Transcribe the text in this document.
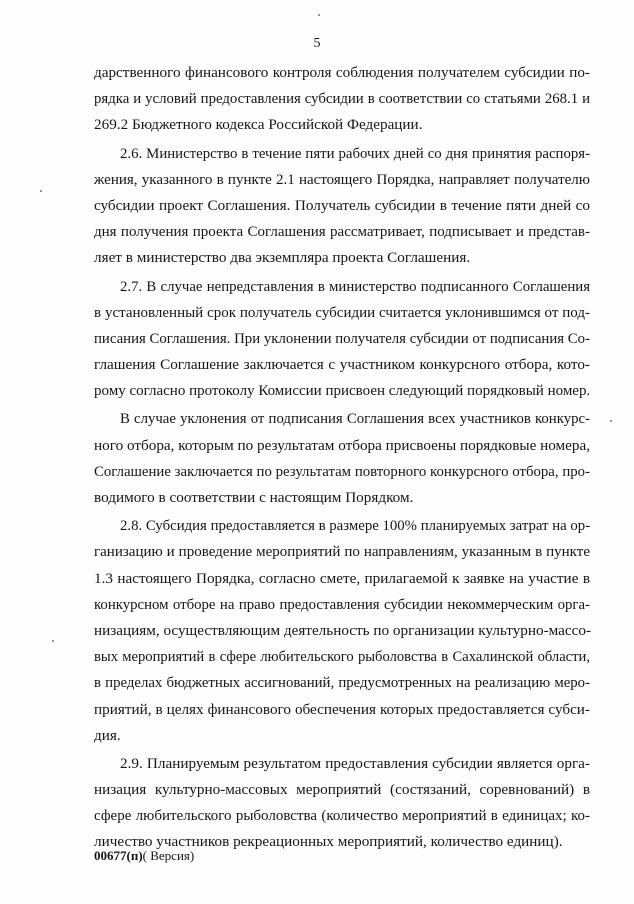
5
дарственного финансового контроля соблюдения получателем субсидии по-
рядка и условий предоставления субсидии в соответствии со статьями 268.1 и
269.2 Бюджетного кодекса Российской Федерации.
2.6. Министерство в течение пяти рабочих дней со дня принятия распоря-
жения, указанного в пункте 2.1 настоящего Порядка, направляет получателю
субсидии проект Соглашения. Получатель субсидии в течение пяти дней со
дня получения проекта Соглашения рассматривает, подписывает и представ-
ляет в министерство два экземпляра проекта Соглашения.
2.7. В случае непредставления в министерство подписанного Соглашения
в установленный срок получатель субсидии считается уклонившимся от под-
писания Соглашения. При уклонении получателя субсидии от подписания Со-
глашения Соглашение заключается с участником конкурсного отбора, кото-
рому согласно протоколу Комиссии присвоен следующий порядковый номер.
В случае уклонения от подписания Соглашения всех участников конкурс-
ного отбора, которым по результатам отбора присвоены порядковые номера,
Соглашение заключается по результатам повторного конкурсного отбора, про-
водимого в соответствии с настоящим Порядком.
2.8. Субсидия предоставляется в размере 100% планируемых затрат на ор-
ганизацию и проведение мероприятий по направлениям, указанным в пункте
1.3 настоящего Порядка, согласно смете, прилагаемой к заявке на участие в
конкурсном отборе на право предоставления субсидии некоммерческим орга-
низациям, осуществляющим деятельность по организации культурно-массо-
вых мероприятий в сфере любительского рыболовства в Сахалинской области,
в пределах бюджетных ассигнований, предусмотренных на реализацию меро-
приятий, в целях финансового обеспечения которых предоставляется субси-
дия.
2.9. Планируемым результатом предоставления субсидии является орга-
низация культурно-массовых мероприятий (состязаний, соревнований) в
сфере любительского рыболовства (количество мероприятий в единицах; ко-
личество участников рекреационных мероприятий, количество единиц).
00677(п)( Версия)
